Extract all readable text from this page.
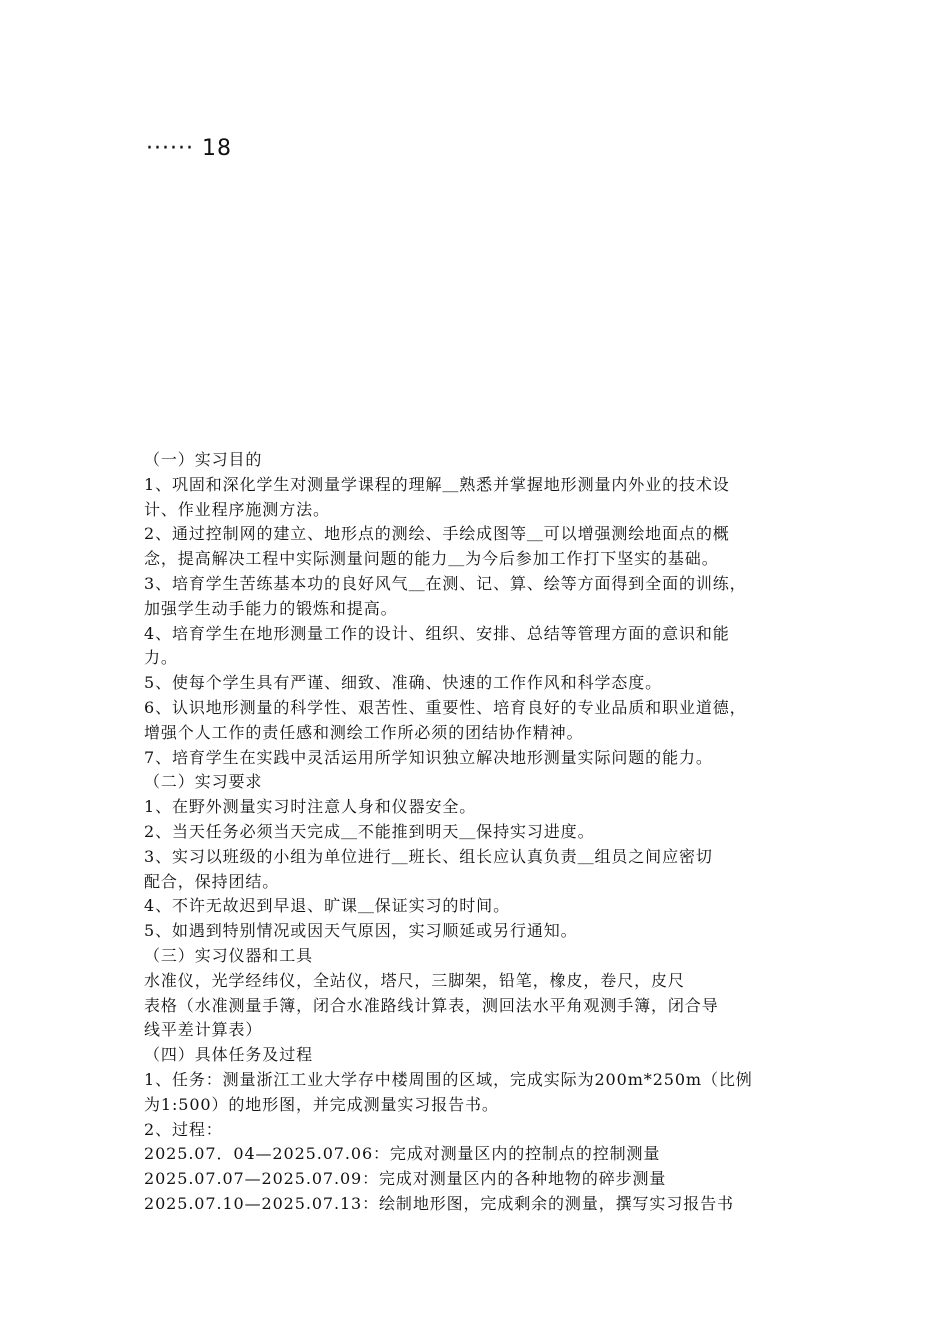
······ 18
（一）实习目的
1、巩固和深化学生对测量学课程的理解＿熟悉并掌握地形测量内外业的技术设
计、作业程序施测方法。
2、通过控制网的建立、地形点的测绘、手绘成图等＿可以增强测绘地面点的概
念，提高解决工程中实际测量问题的能力＿为今后参加工作打下坚实的基础。
3、培育学生苦练基本功的良好风气＿在测、记、算、绘等方面得到全面的训练，
加强学生动手能力的锻炼和提高。
4、培育学生在地形测量工作的设计、组织、安排、总结等管理方面的意识和能
力。
5、使每个学生具有严谨、细致、准确、快速的工作作风和科学态度。
6、认识地形测量的科学性、艰苦性、重要性、培育良好的专业品质和职业道德，
增强个人工作的责任感和测绘工作所必须的团结协作精神。
7、培育学生在实践中灵活运用所学知识独立解决地形测量实际问题的能力。
（二）实习要求
1、在野外测量实习时注意人身和仪器安全。
2、当天任务必须当天完成＿不能推到明天＿保持实习进度。
3、实习以班级的小组为单位进行＿班长、组长应认真负责＿组员之间应密切
配合，保持团结。
4、不许无故迟到早退、旷课＿保证实习的时间。
5、如遇到特别情况或因天气原因，实习顺延或另行通知。
（三）实习仪器和工具
水准仪，光学经纬仪，全站仪，塔尺，三脚架，铅笔，橡皮，卷尺，皮尺
表格（水准测量手簿，闭合水准路线计算表，测回法水平角观测手簿，闭合导
线平差计算表）
（四）具体任务及过程
1、任务：测量浙江工业大学存中楼周围的区域，完成实际为200m*250m（比例
为1:500）的地形图，并完成测量实习报告书。
2、过程：
2025.07．04—2025.07.06：完成对测量区内的控制点的控制测量
2025.07.07—2025.07.09：完成对测量区内的各种地物的碎步测量
2025.07.10—2025.07.13：绘制地形图，完成剩余的测量，撰写实习报告书
